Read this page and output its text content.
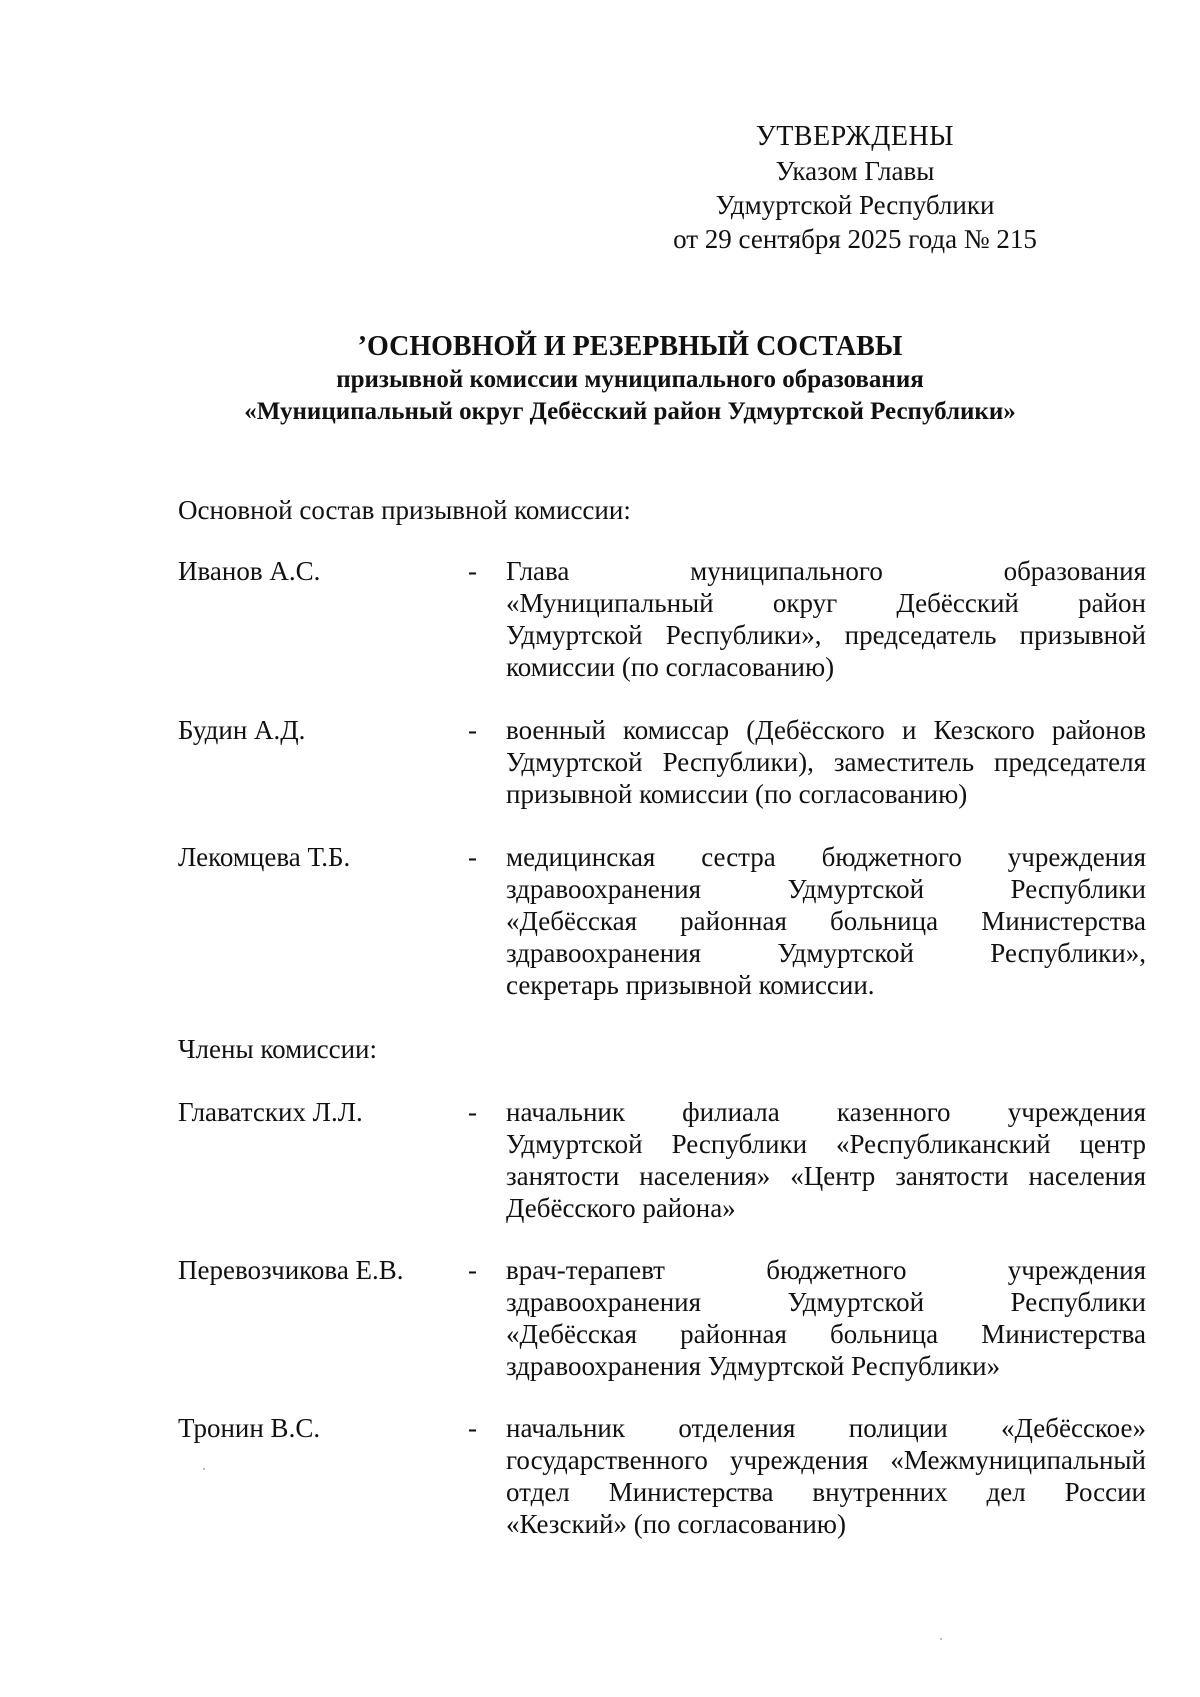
УТВЕРЖДЕНЫ
Указом Главы
Удмуртской Республики
от 29 сентября 2025 года № 215
ʼОСНОВНОЙ И РЕЗЕРВНЫЙ СОСТАВЫ
призывной комиссии муниципального образования
«Муниципальный округ Дебёсский район Удмуртской Республики»
Основной состав призывной комиссии:
Иванов А.С.	- Глава муниципального образования
«Муниципальный округ Дебёсский район
Удмуртской Республики», председатель призывной
комиссии (по согласованию)
Будин А.Д.	- военный комиссар (Дебёсского и Кезского районов
Удмуртской Республики), заместитель председателя
призывной комиссии (по согласованию)
Лекомцева Т.Б.	- медицинская сестра бюджетного учреждения
здравоохранения Удмуртской Республики
«Дебёсская районная больница Министерства
здравоохранения Удмуртской Республики»,
секретарь призывной комиссии.
Члены комиссии:
Главатских Л.Л.	- начальник филиала казенного учреждения
Удмуртской Республики «Республиканский центр
занятости населения» «Центр занятости населения
Дебёсского района»
Перевозчикова Е.В. - врач-терапевт бюджетного учреждения
здравоохранения Удмуртской Республики
«Дебёсская районная больница Министерства
здравоохранения Удмуртской Республики»
Тронин В.С.	- начальник отделения полиции «Дебёсское»
государственного учреждения «Межмуниципальный
отдел Министерства внутренних дел России
«Кезский» (по согласованию)
